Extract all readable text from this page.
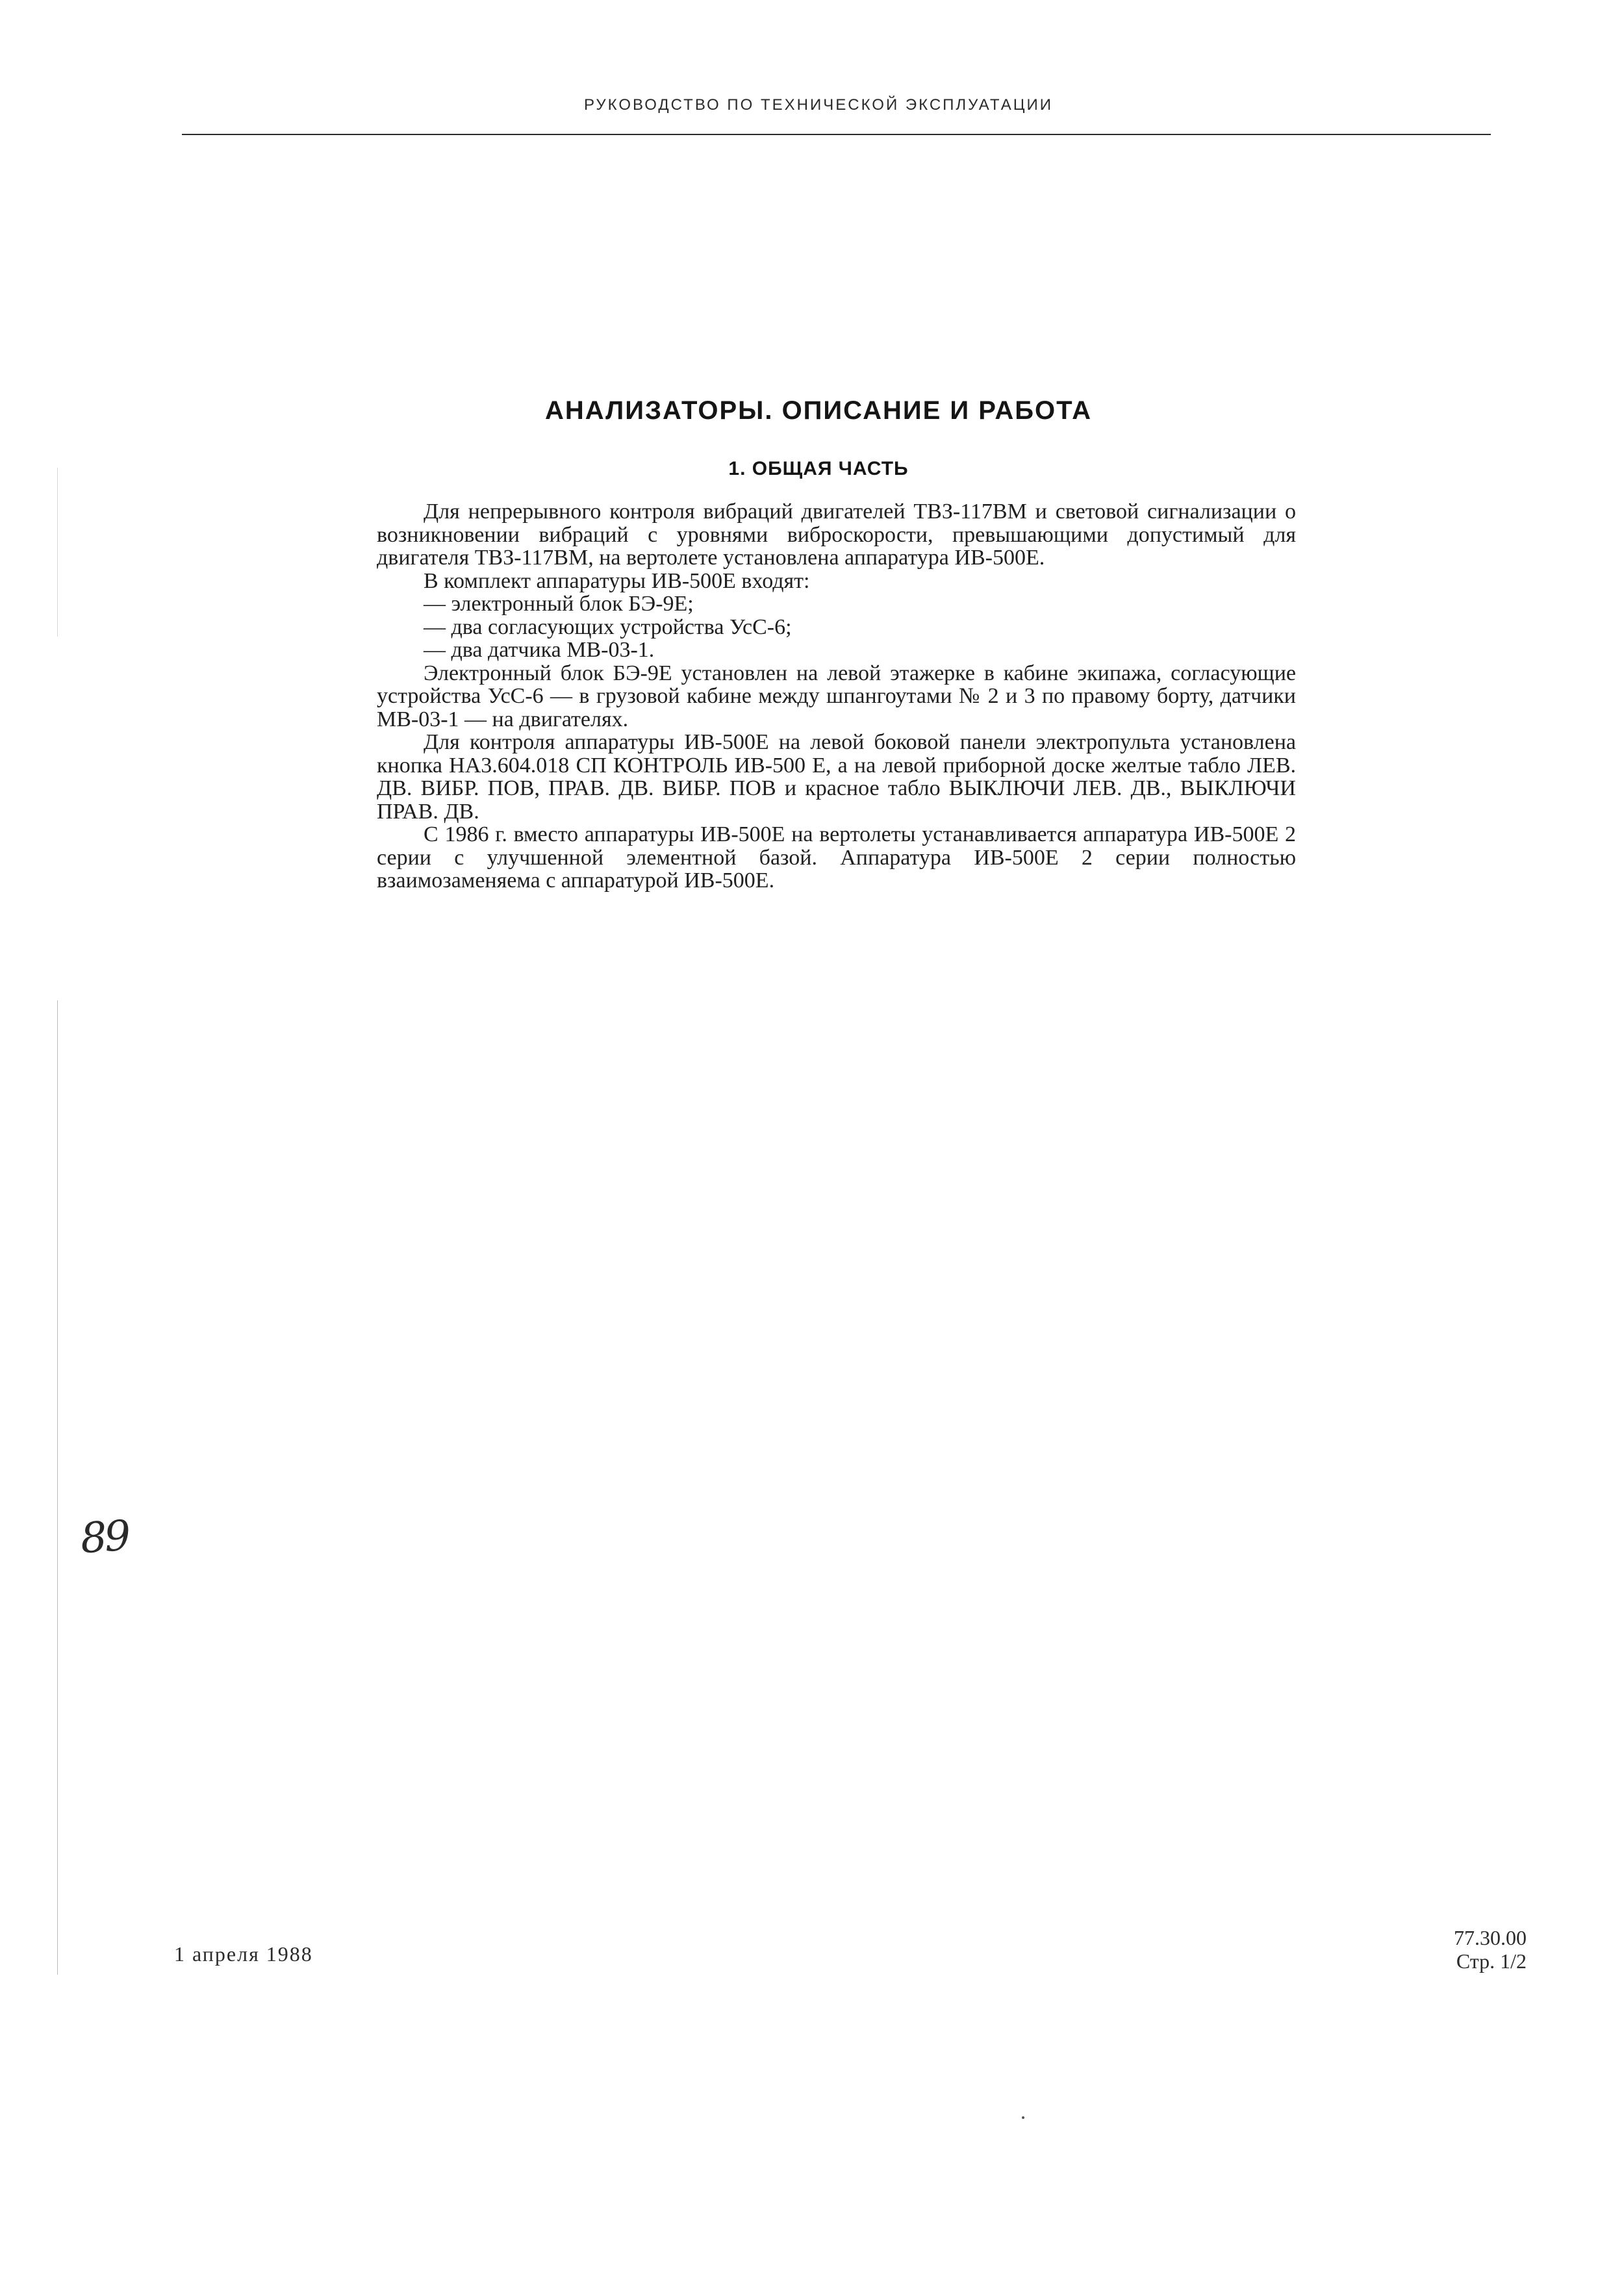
РУКОВОДСТВО ПО ТЕХНИЧЕСКОЙ ЭКСПЛУАТАЦИИ
АНАЛИЗАТОРЫ. ОПИСАНИЕ И РАБОТА
1. ОБЩАЯ ЧАСТЬ

Для непрерывного контроля вибраций двигателей ТВЗ-117ВМ и световой сигнализации о возникновении вибраций с уровнями виброскорости, превышающими допустимый для двигателя ТВЗ-117ВМ, на вертолете установлена аппаратура ИВ-500Е.

В комплект аппаратуры ИВ-500Е входят:

— электронный блок БЭ-9Е;

— два согласующих устройства УсС-6;

— два датчика МВ-03-1.

Электронный блок БЭ-9Е установлен на левой этажерке в кабине экипажа, согласующие устройства УсС-6 — в грузовой кабине между шпангоутами № 2 и 3 по правому борту, датчики МВ-03-1 — на двигателях.

Для контроля аппаратуры ИВ-500Е на левой боковой панели электропульта установлена кнопка НА3.604.018 СП КОНТРОЛЬ ИВ-500 Е, а на левой приборной доске желтые табло ЛЕВ. ДВ. ВИБР. ПОВ, ПРАВ. ДВ. ВИБР. ПОВ и красное табло ВЫКЛЮЧИ ЛЕВ. ДВ., ВЫКЛЮЧИ ПРАВ. ДВ.

С 1986 г. вместо аппаратуры ИВ-500Е на вертолеты устанавливается аппаратура ИВ-500Е 2 серии с улучшенной элементной базой. Аппаратура ИВ-500Е 2 серии полностью взаимозаменяема с аппаратурой ИВ-500Е.

89
1 апреля 1988
77.30.00
Стр. 1/2
